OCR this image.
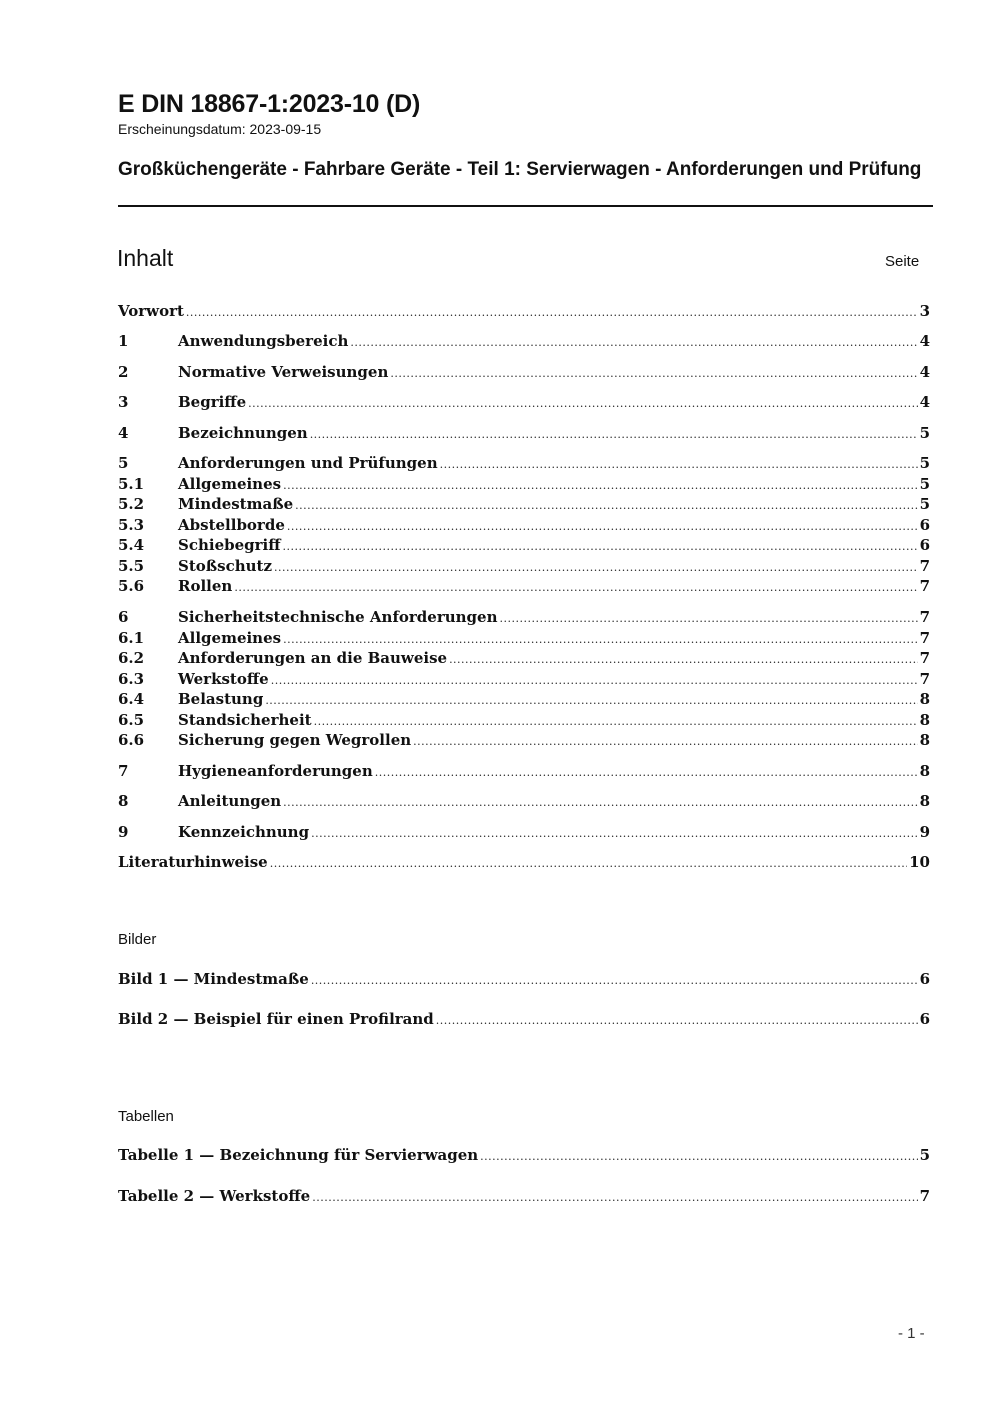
E DIN 18867-1:2023-10 (D)
Erscheinungsdatum: 2023-09-15
Großküchengeräte - Fahrbare Geräte - Teil 1: Servierwagen - Anforderungen und Prüfung
Inhalt	Seite
Vorwort .....	3
1	Anwendungsbereich .....	4
2	Normative Verweisungen .....	4
3	Begriffe .....	4
4	Bezeichnungen .....	5
5	Anforderungen und Prüfungen .....	5
5.1	Allgemeines .....	5
5.2	Mindestmaße .....	5
5.3	Abstellborde .....	6
5.4	Schiebegriff .....	6
5.5	Stoßschutz .....	7
5.6	Rollen .....	7
6	Sicherheitstechnische Anforderungen .....	7
6.1	Allgemeines .....	7
6.2	Anforderungen an die Bauweise .....	7
6.3	Werkstoffe .....	7
6.4	Belastung .....	8
6.5	Standsicherheit .....	8
6.6	Sicherung gegen Wegrollen .....	8
7	Hygieneanforderungen .....	8
8	Anleitungen .....	8
9	Kennzeichnung .....	9
Literaturhinweise .....	10
Bilder
Bild 1 — Mindestmaße .....	6
Bild 2 — Beispiel für einen Profilrand .....	6
Tabellen
Tabelle 1 — Bezeichnung für Servierwagen .....	5
Tabelle 2 — Werkstoffe .....	7
- 1 -
